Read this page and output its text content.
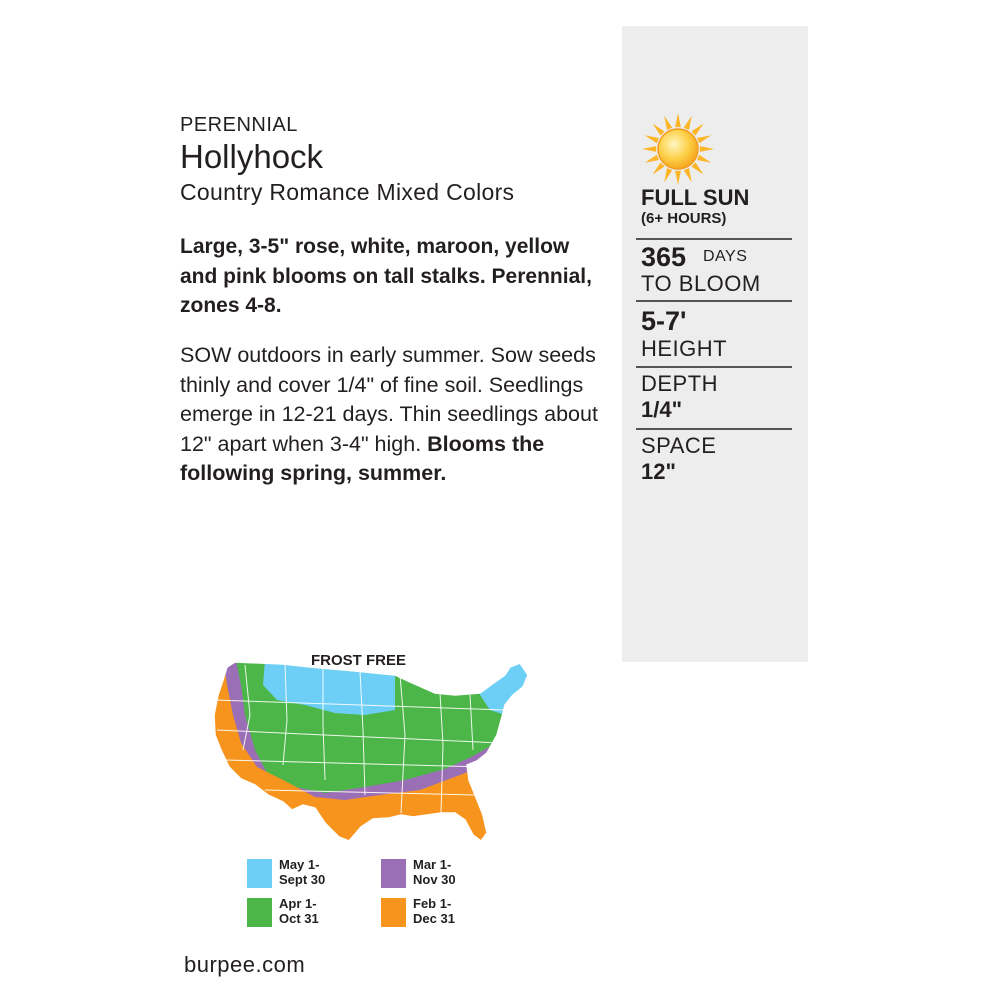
PERENNIAL
Hollyhock
Country Romance Mixed Colors
Large, 3-5" rose, white, maroon, yellow and pink blooms on tall stalks. Perennial, zones 4-8.
SOW outdoors in early summer. Sow seeds thinly and cover 1/4" of fine soil. Seedlings emerge in 12-21 days. Thin seedlings about 12" apart when 3-4" high. Blooms the following spring, summer.
FULL SUN
(6+ HOURS)
365 DAYS
TO BLOOM
5-7'
HEIGHT
DEPTH
1/4"
SPACE
12"
FROST FREE
May 1-
Sept 30
Mar 1-
Nov 30
Apr 1-
Oct 31
Feb 1-
Dec 31
burpee.com
